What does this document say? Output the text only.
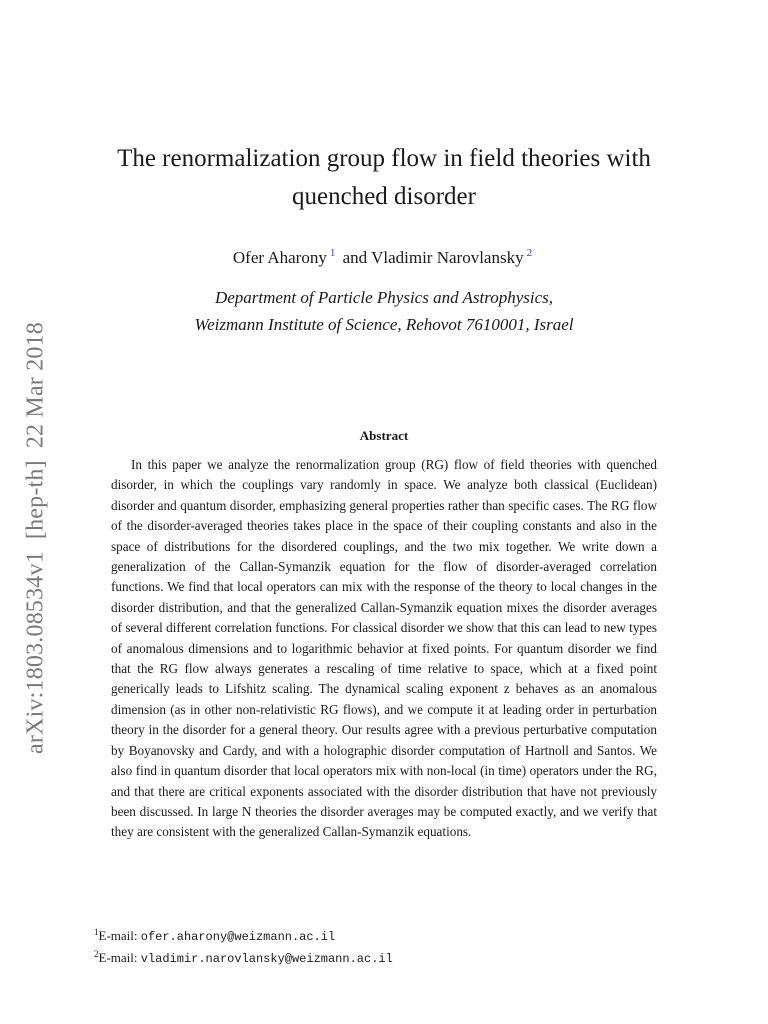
arXiv:1803.08534v1[hep-th]22 Mar 2018
The renormalization group flow in field theories with quenched disorder
Ofer Aharony $^1$ and Vladimir Narovlansky $^2$
Department of Particle Physics and Astrophysics,
Weizmann Institute of Science, Rehovot 7610001, Israel
Abstract
In this paper we analyze the renormalization group (RG) flow of field theories with quenched disorder, in which the couplings vary randomly in space. We analyze both classical (Euclidean) disorder and quantum disorder, emphasizing general properties rather than specific cases. The RG flow of the disorder-averaged theories takes place in the space of their coupling constants and also in the space of distributions for the disordered couplings, and the two mix together. We write down a generalization of the Callan-Symanzik equation for the flow of disorder-averaged correlation functions. We find that local operators can mix with the response of the theory to local changes in the disorder distribution, and that the generalized Callan-Symanzik equation mixes the disorder averages of several different correlation functions. For classical disorder we show that this can lead to new types of anomalous dimensions and to logarithmic behavior at fixed points. For quantum disorder we find that the RG flow always generates a rescaling of time relative to space, which at a fixed point generically leads to Lifshitz scaling. The dynamical scaling exponent z behaves as an anomalous dimension (as in other non-relativistic RG flows), and we compute it at leading order in perturbation theory in the disorder for a general theory. Our results agree with a previous perturbative computation by Boyanovsky and Cardy, and with a holographic disorder computation of Hartnoll and Santos. We also find in quantum disorder that local operators mix with non-local (in time) operators under the RG, and that there are critical exponents associated with the disorder distribution that have not previously been discussed. In large N theories the disorder averages may be computed exactly, and we verify that they are consistent with the generalized Callan-Symanzik equations.
$^1$E-mail: ofer.aharony@weizmann.ac.il
$^2$E-mail: vladimir.narovlansky@weizmann.ac.il
